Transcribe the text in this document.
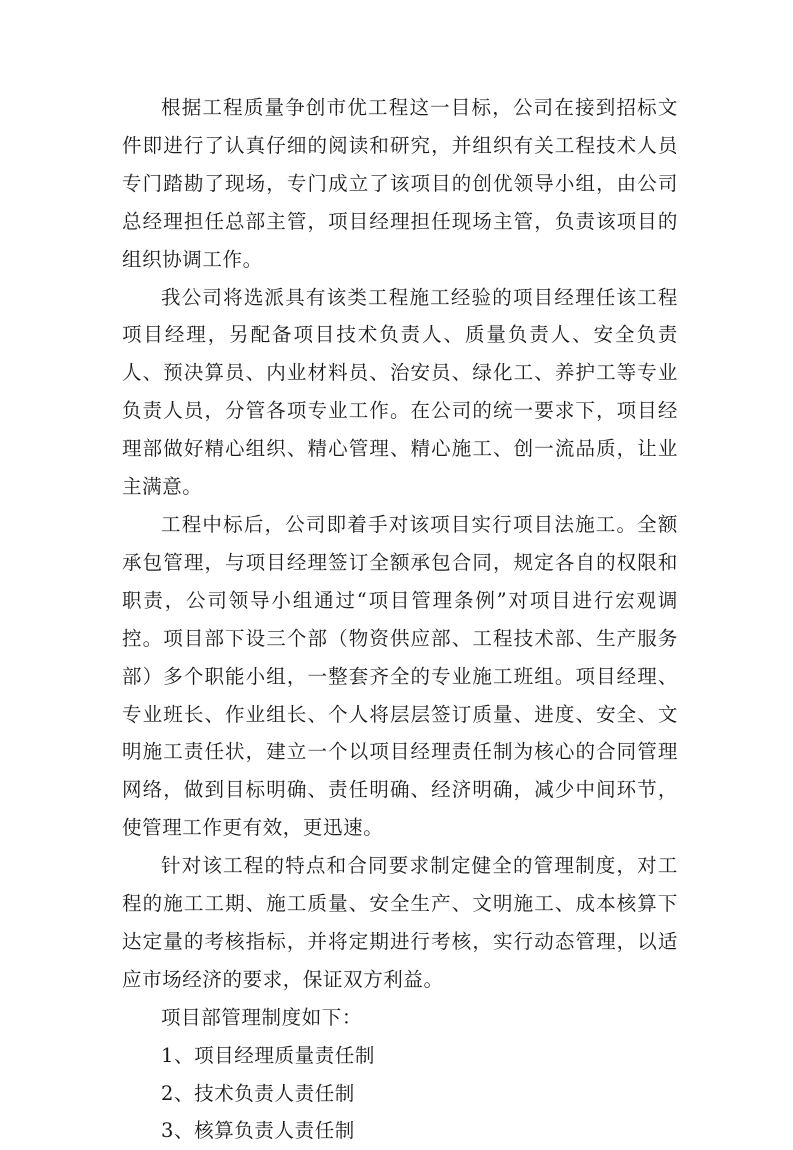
根据工程质量争创市优工程这一目标，公司在接到招标文件即进行了认真仔细的阅读和研究，并组织有关工程技术人员专门踏勘了现场，专门成立了该项目的创优领导小组，由公司总经理担任总部主管，项目经理担任现场主管，负责该项目的组织协调工作。

我公司将选派具有该类工程施工经验的项目经理任该工程项目经理，另配备项目技术负责人、质量负责人、安全负责人、预决算员、内业材料员、治安员、绿化工、养护工等专业负责人员，分管各项专业工作。在公司的统一要求下，项目经理部做好精心组织、精心管理、精心施工、创一流品质，让业主满意。

工程中标后，公司即着手对该项目实行项目法施工。全额承包管理，与项目经理签订全额承包合同，规定各自的权限和职责，公司领导小组通过“项目管理条例”对项目进行宏观调控。项目部下设三个部（物资供应部、工程技术部、生产服务部）多个职能小组，一整套齐全的专业施工班组。项目经理、专业班长、作业组长、个人将层层签订质量、进度、安全、文明施工责任状，建立一个以项目经理责任制为核心的合同管理网络，做到目标明确、责任明确、经济明确，减少中间环节，使管理工作更有效，更迅速。

针对该工程的特点和合同要求制定健全的管理制度，对工程的施工工期、施工质量、安全生产、文明施工、成本核算下达定量的考核指标，并将定期进行考核，实行动态管理，以适应市场经济的要求，保证双方利益。

项目部管理制度如下：

1、项目经理质量责任制

2、技术负责人责任制

3、核算负责人责任制
